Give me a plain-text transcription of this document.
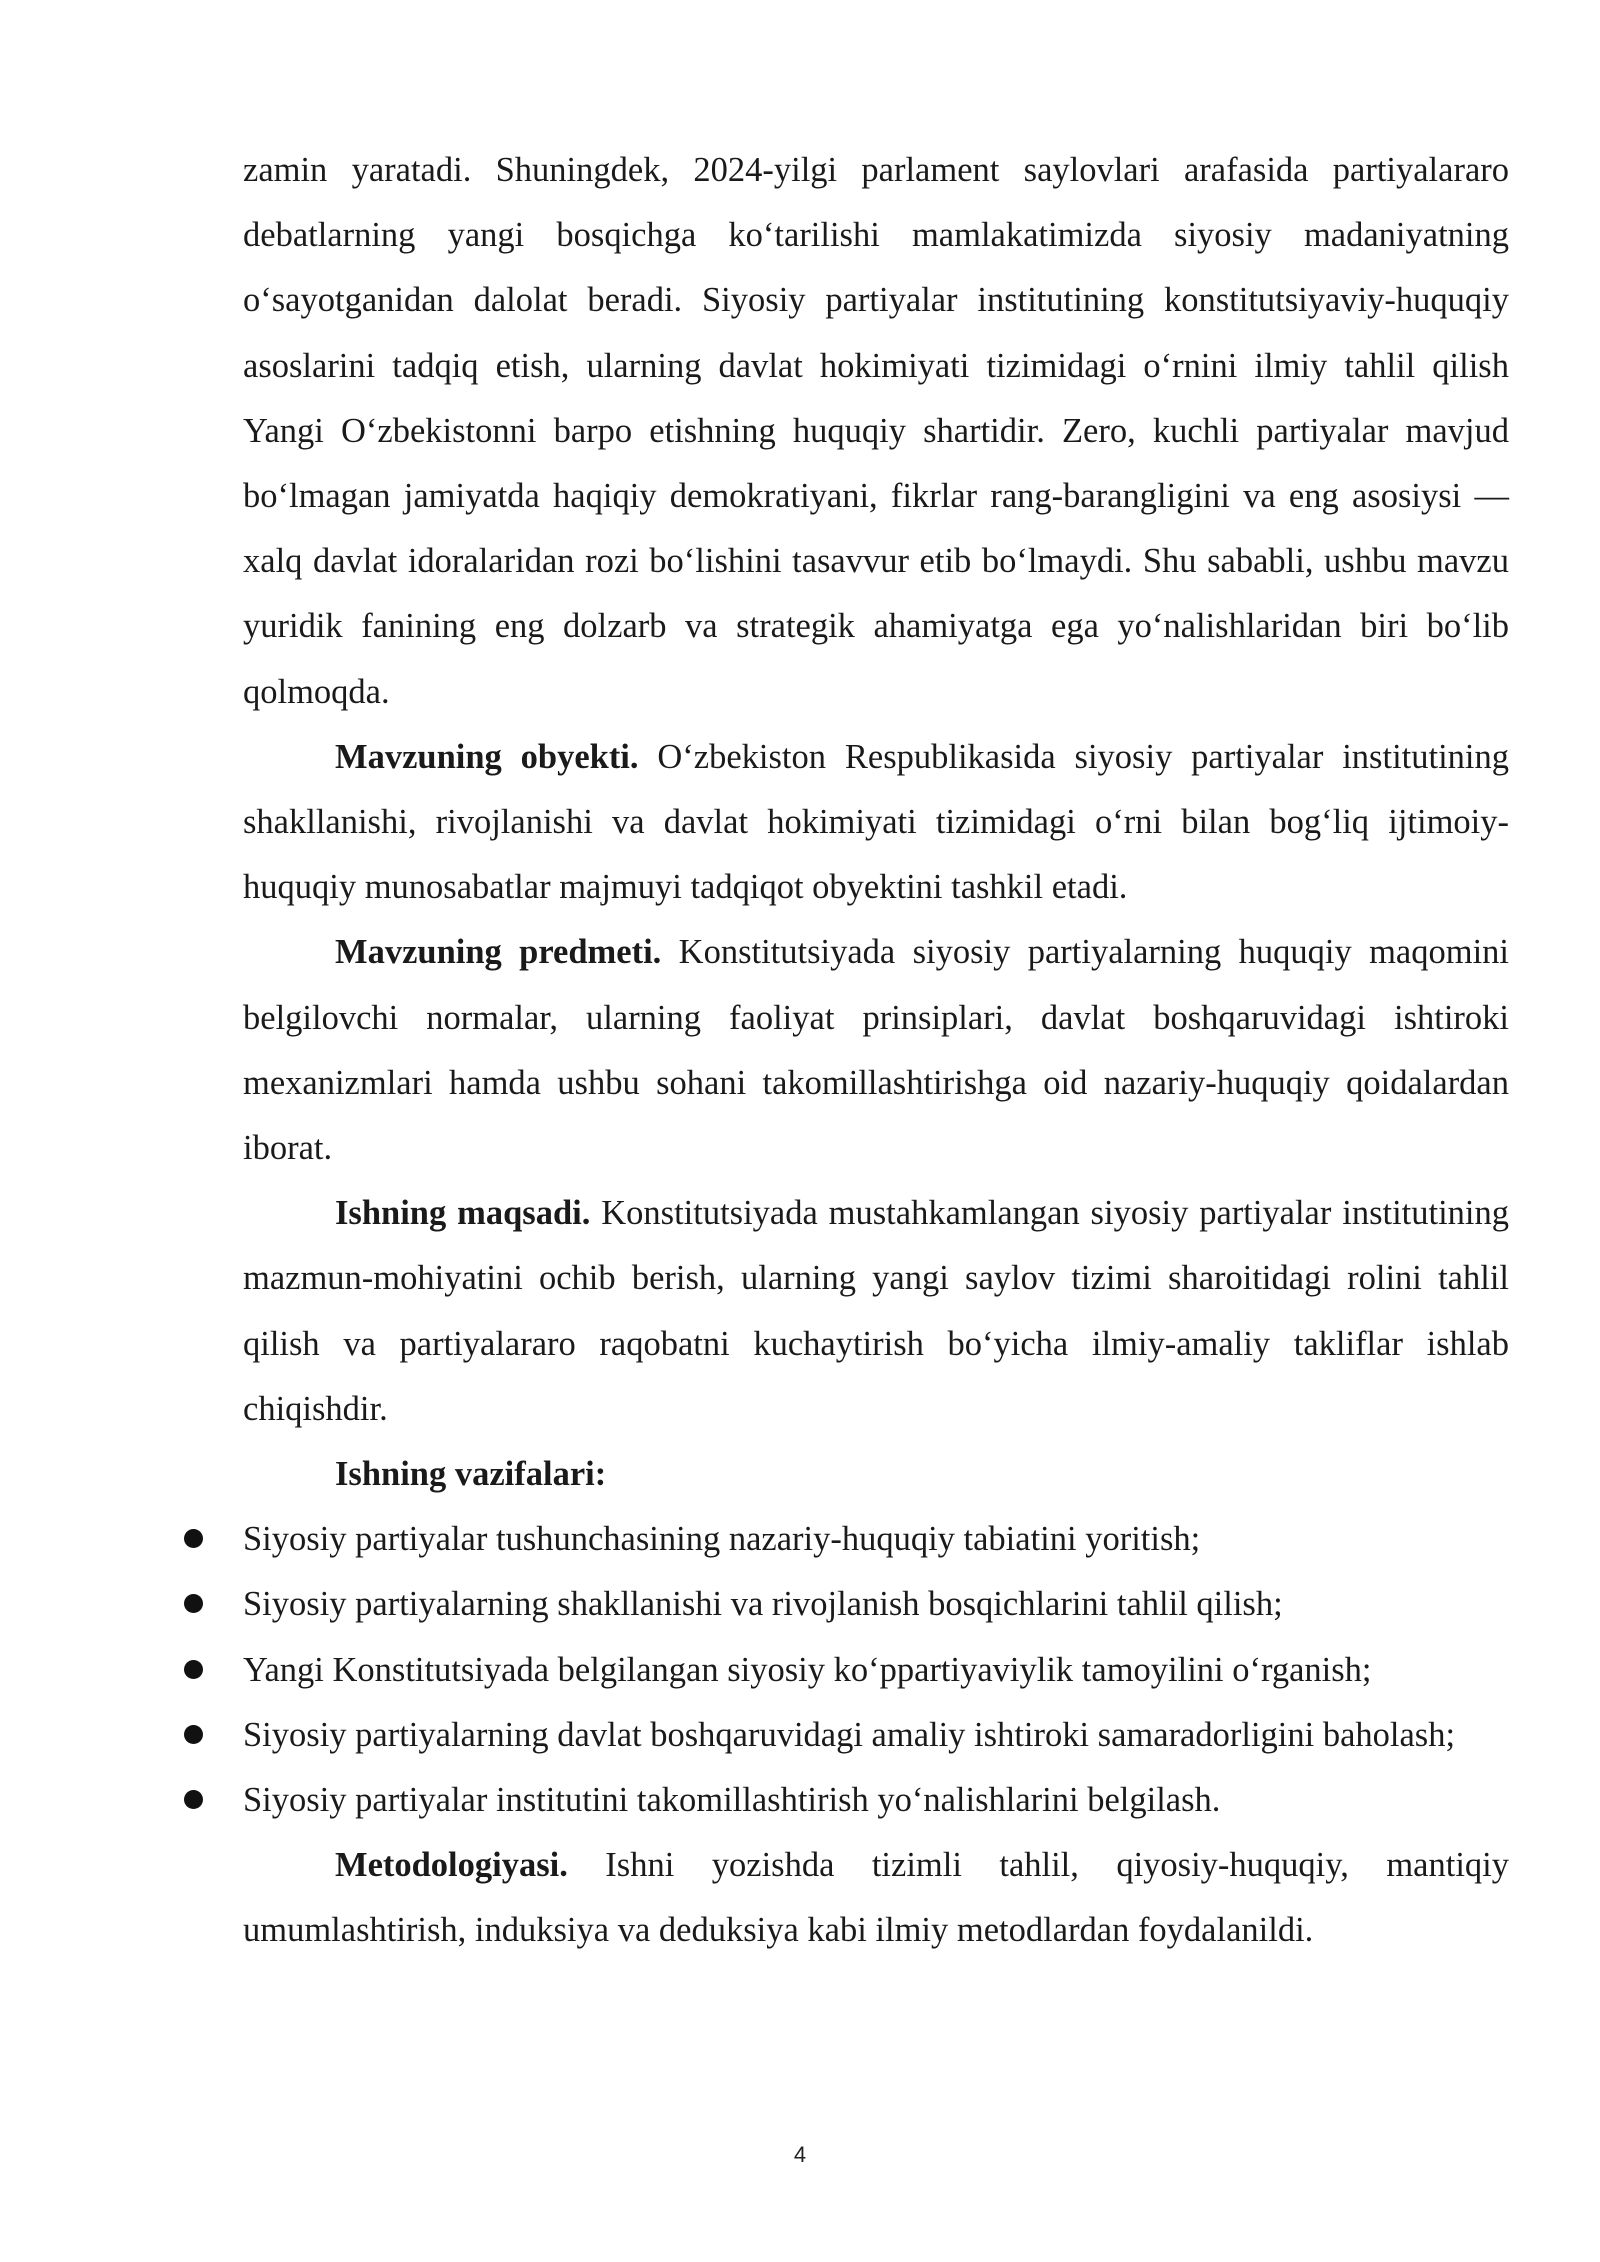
zamin yaratadi. Shuningdek, 2024-yilgi parlament saylovlari arafasida partiyalararo debatlarning yangi bosqichga ko‘tarilishi mamlakatimizda siyosiy madaniyatning o‘sayotganidan dalolat beradi. Siyosiy partiyalar institutining konstitutsiyaviy-huquqiy asoslarini tadqiq etish, ularning davlat hokimiyati tizimidagi o‘rnini ilmiy tahlil qilish Yangi O‘zbekistonni barpo etishning huquqiy shartidir. Zero, kuchli partiyalar mavjud bo‘lmagan jamiyatda haqiqiy demokratiyani, fikrlar rang-barangligini va eng asosiysi — xalq davlat idoralaridan rozi bo‘lishini tasavvur etib bo‘lmaydi. Shu sababli, ushbu mavzu yuridik fanining eng dolzarb va strategik ahamiyatga ega yo‘nalishlaridan biri bo‘lib qolmoqda.

Mavzuning obyekti. O‘zbekiston Respublikasida siyosiy partiyalar institutining shakllanishi, rivojlanishi va davlat hokimiyati tizimidagi o‘rni bilan bog‘liq ijtimoiy-huquqiy munosabatlar majmuyi tadqiqot obyektini tashkil etadi.

Mavzuning predmeti. Konstitutsiyada siyosiy partiyalarning huquqiy maqomini belgilovchi normalar, ularning faoliyat prinsiplari, davlat boshqaruvidagi ishtiroki mexanizmlari hamda ushbu sohani takomillashtirishga oid nazariy-huquqiy qoidalardan iborat.

Ishning maqsadi. Konstitutsiyada mustahkamlangan siyosiy partiyalar institutining mazmun-mohiyatini ochib berish, ularning yangi saylov tizimi sharoitidagi rolini tahlil qilish va partiyalararo raqobatni kuchaytirish bo‘yicha ilmiy-amaliy takliflar ishlab chiqishdir.

Ishning vazifalari:

Siyosiy partiyalar tushunchasining nazariy-huquqiy tabiatini yoritish;
Siyosiy partiyalarning shakllanishi va rivojlanish bosqichlarini tahlil qilish;
Yangi Konstitutsiyada belgilangan siyosiy ko‘ppartiyaviylik tamoyilini o‘rganish;
Siyosiy partiyalarning davlat boshqaruvidagi amaliy ishtiroki samaradorligini baholash;
Siyosiy partiyalar institutini takomillashtirish yo‘nalishlarini belgilash.

Metodologiyasi. Ishni yozishda tizimli tahlil, qiyosiy-huquqiy, mantiqiy umumlashtirish, induksiya va deduksiya kabi ilmiy metodlardan foydalanildi.

4
